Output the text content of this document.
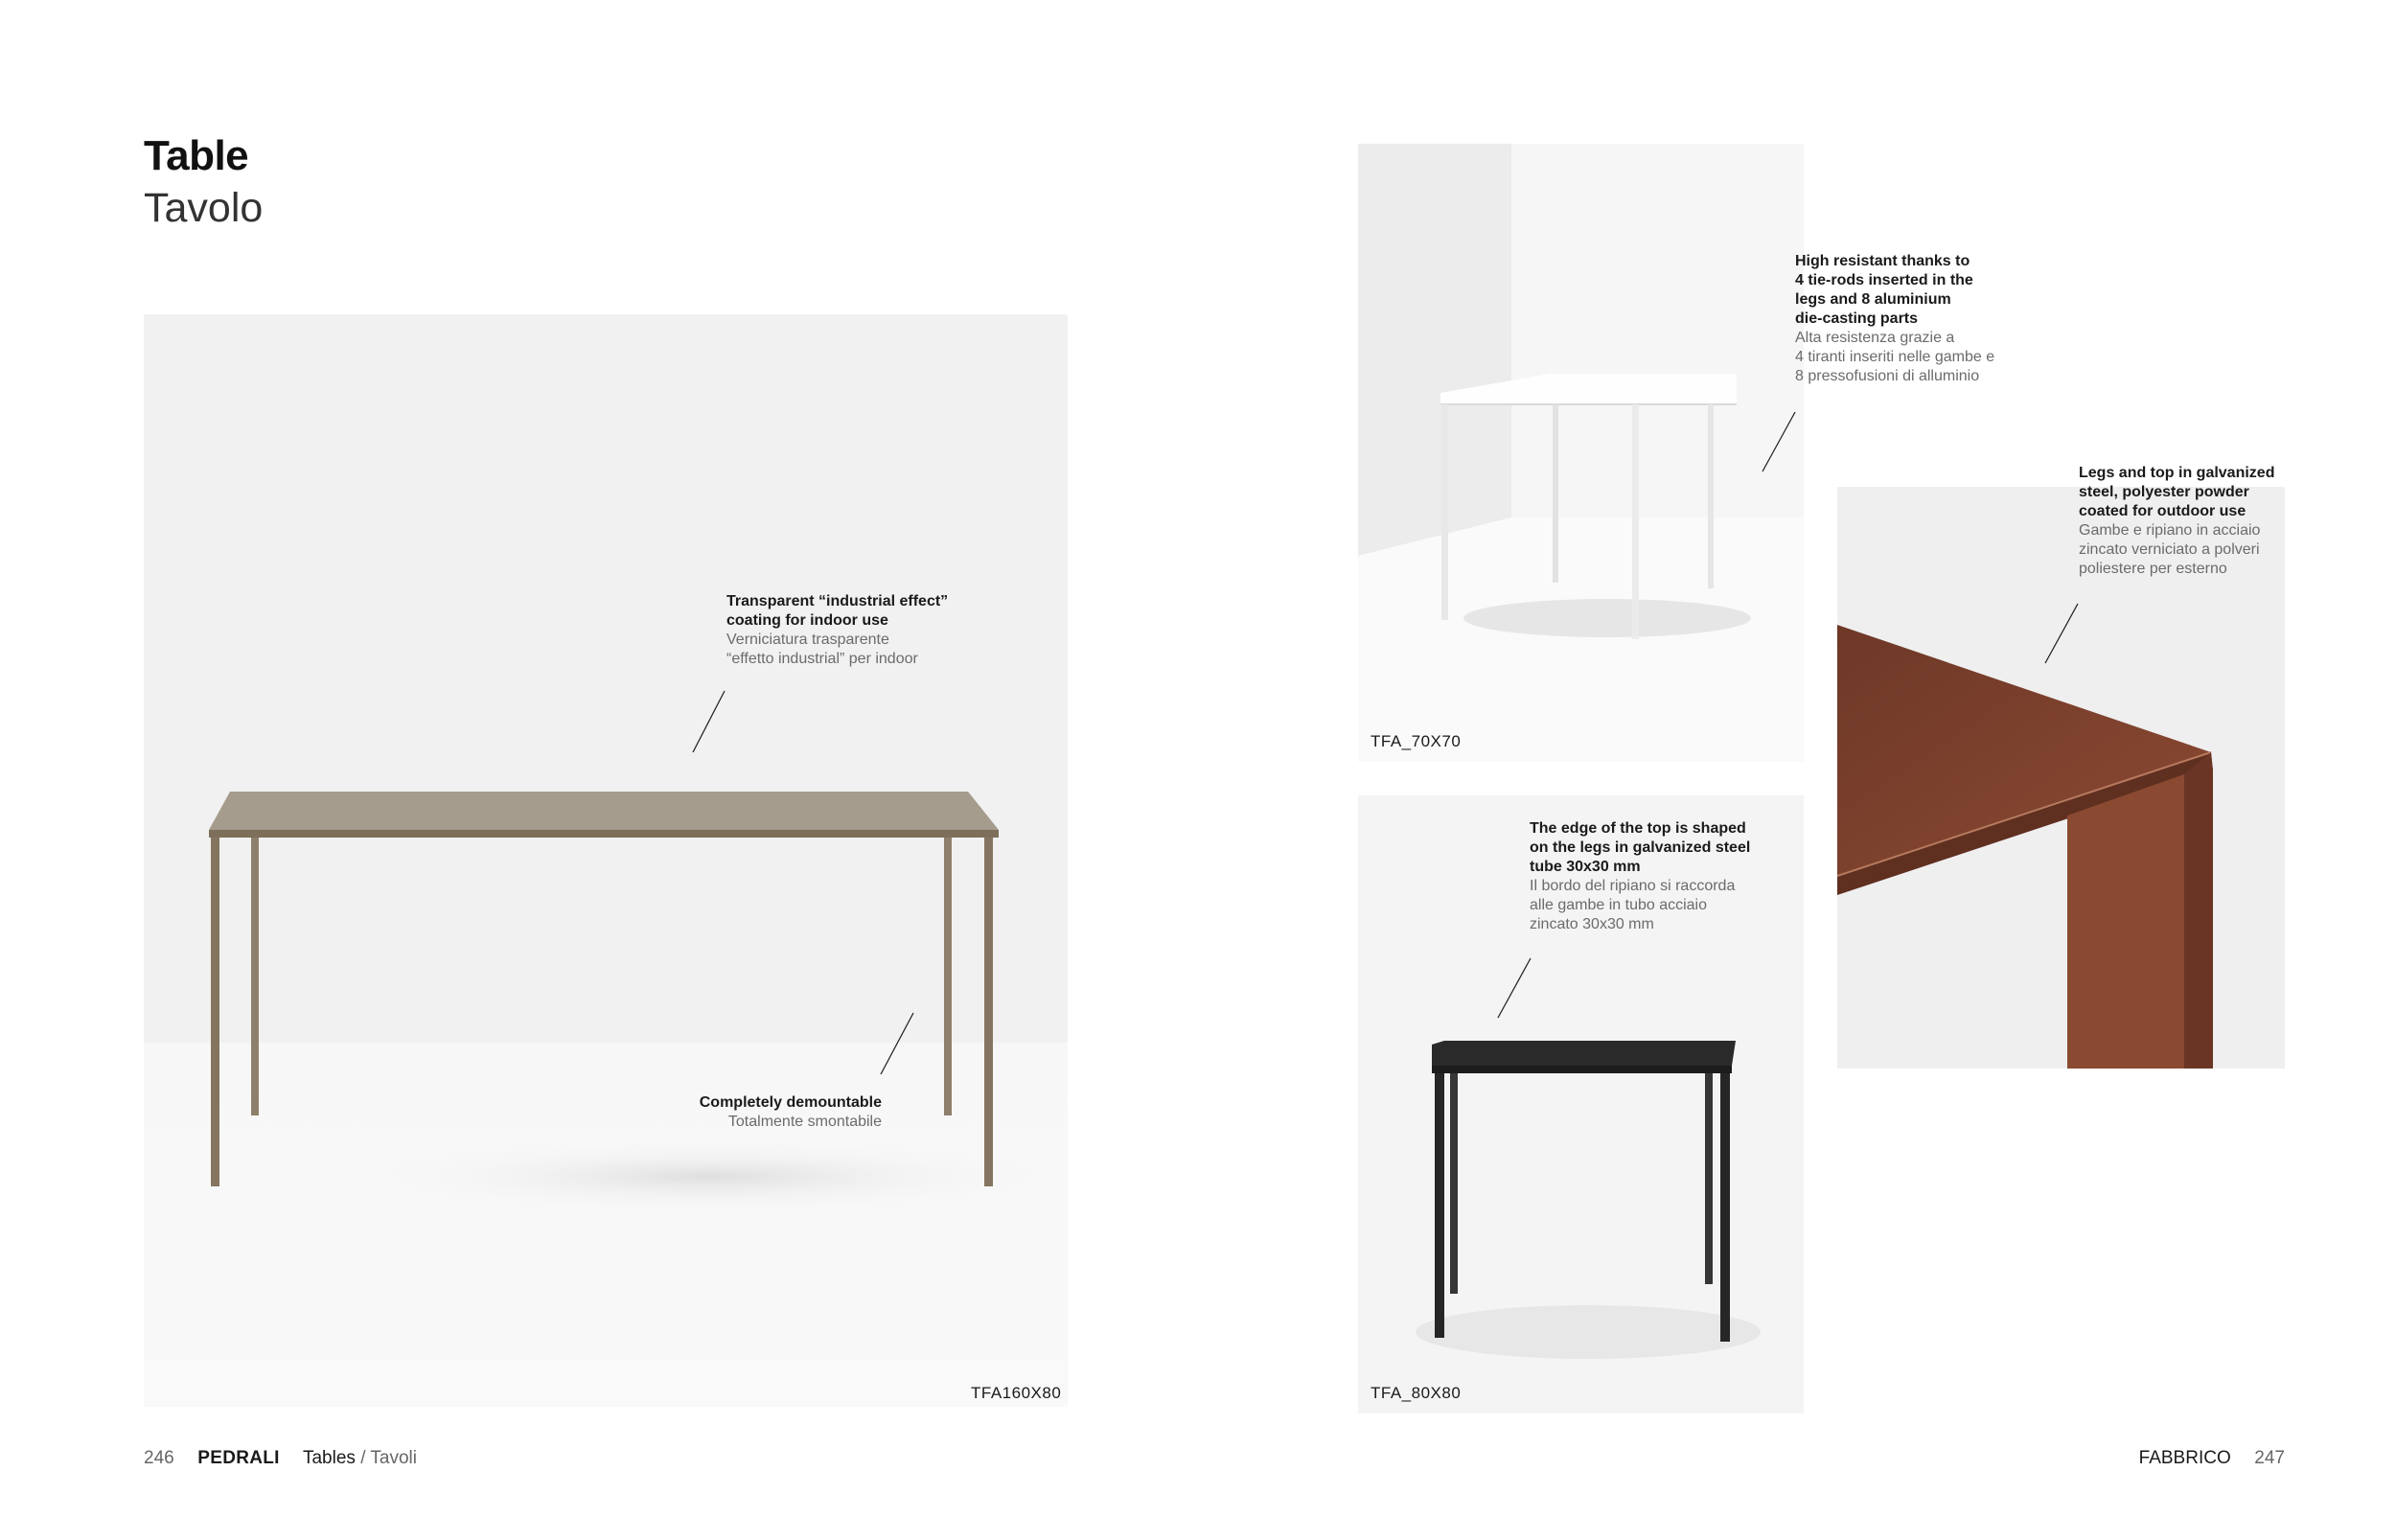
Table
Tavolo
TFA160X80
Transparent “industrial effect”
coating for indoor use
Verniciatura trasparente
“effetto industrial” per indoor
Completely demountable
Totalmente smontabile
TFA_70X70
High resistant thanks to
4 tie-rods inserted in the
legs and 8 aluminium
die-casting parts
Alta resistenza grazie a
4 tiranti inseriti nelle gambe e
8 pressofusioni di alluminio
TFA_80X80
The edge of the top is shaped
on the legs in galvanized steel
tube 30x30 mm
Il bordo del ripiano si raccorda
alle gambe in tubo acciaio
zincato 30x30 mm
Legs and top in galvanized
steel, polyester powder
coated for outdoor use
Gambe e ripiano in acciaio
zincato verniciato a polveri
poliestere per esterno
246 PEDRALI Tables / Tavoli	FABBRICO 247
